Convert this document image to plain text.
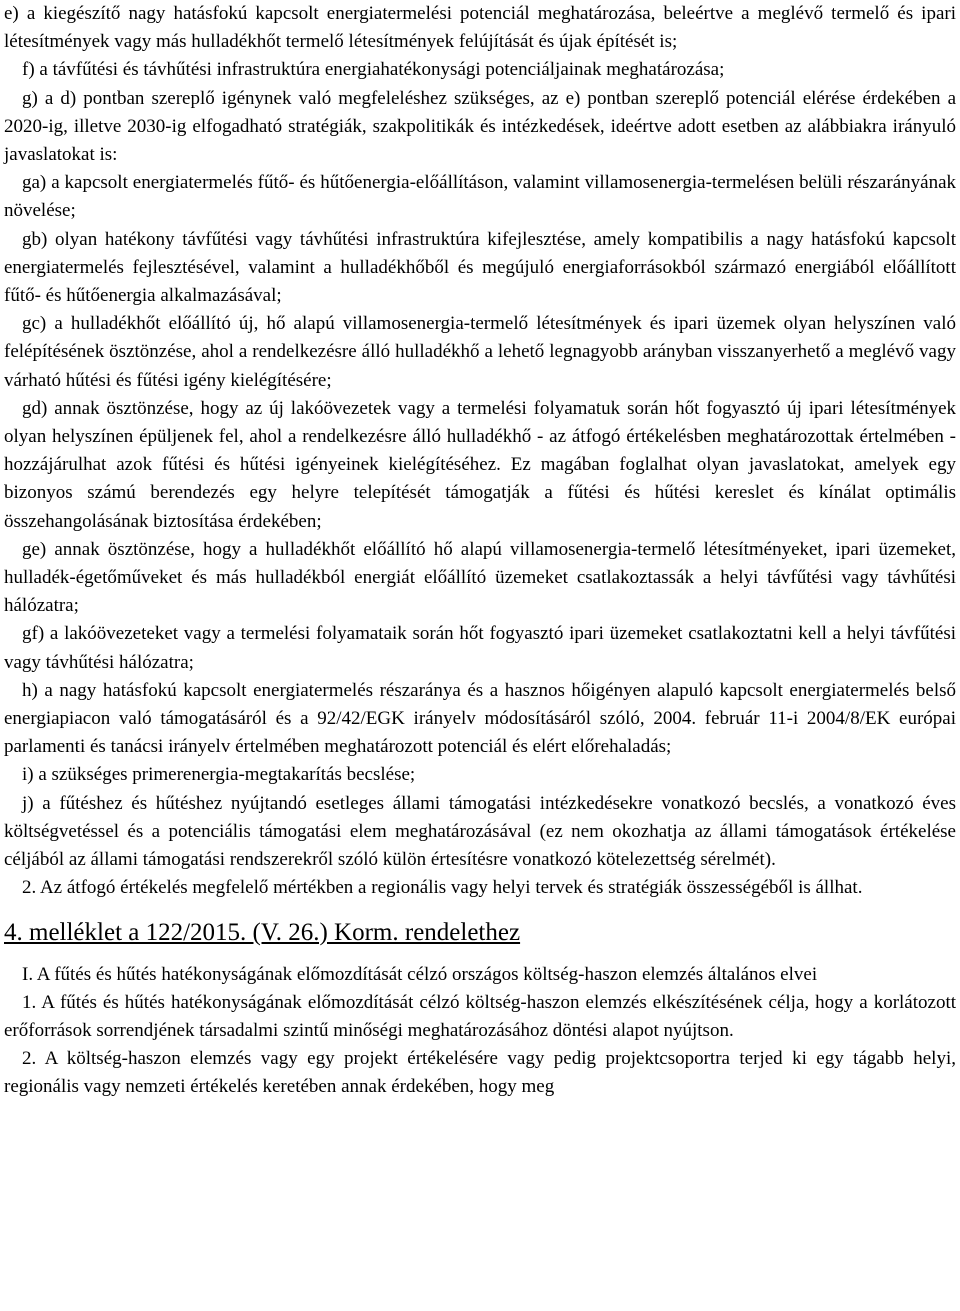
e) a kiegészítő nagy hatásfokú kapcsolt energiatermelési potenciál meghatározása, beleértve a meglévő termelő és ipari létesítmények vagy más hulladékhőt termelő létesítmények felújítását és újak építését is;

f) a távfűtési és távhűtési infrastruktúra energiahatékonysági potenciáljainak meghatározása;

g) a d) pontban szereplő igénynek való megfeleléshez szükséges, az e) pontban szereplő potenciál elérése érdekében a 2020-ig, illetve 2030-ig elfogadható stratégiák, szakpolitikák és intézkedések, ideértve adott esetben az alábbiakra irányuló javaslatokat is:

ga) a kapcsolt energiatermelés fűtő- és hűtőenergia-előállításon, valamint villamosenergia-termelésen belüli részarányának növelése;

gb) olyan hatékony távfűtési vagy távhűtési infrastruktúra kifejlesztése, amely kompatibilis a nagy hatásfokú kapcsolt energiatermelés fejlesztésével, valamint a hulladékhőből és megújuló energiaforrásokból származó energiából előállított fűtő- és hűtőenergia alkalmazásával;

gc) a hulladékhőt előállító új, hő alapú villamosenergia-termelő létesítmények és ipari üzemek olyan helyszínen való felépítésének ösztönzése, ahol a rendelkezésre álló hulladékhő a lehető legnagyobb arányban visszanyerhető a meglévő vagy várható hűtési és fűtési igény kielégítésére;

gd) annak ösztönzése, hogy az új lakóövezetek vagy a termelési folyamatuk során hőt fogyasztó új ipari létesítmények olyan helyszínen épüljenek fel, ahol a rendelkezésre álló hulladékhő - az átfogó értékelésben meghatározottak értelmében - hozzájárulhat azok fűtési és hűtési igényeinek kielégítéséhez. Ez magában foglalhat olyan javaslatokat, amelyek egy bizonyos számú berendezés egy helyre telepítését támogatják a fűtési és hűtési kereslet és kínálat optimális összehangolásának biztosítása érdekében;

ge) annak ösztönzése, hogy a hulladékhőt előállító hő alapú villamosenergia-termelő létesítményeket, ipari üzemeket, hulladék-égetőműveket és más hulladékból energiát előállító üzemeket csatlakoztassák a helyi távfűtési vagy távhűtési hálózatra;

gf) a lakóövezeteket vagy a termelési folyamataik során hőt fogyasztó ipari üzemeket csatlakoztatni kell a helyi távfűtési vagy távhűtési hálózatra;

h) a nagy hatásfokú kapcsolt energiatermelés részaránya és a hasznos hőigényen alapuló kapcsolt energiatermelés belső energiapiacon való támogatásáról és a 92/42/EGK irányelv módosításáról szóló, 2004. február 11-i 2004/8/EK európai parlamenti és tanácsi irányelv értelmében meghatározott potenciál és elért előrehaladás;

i) a szükséges primerenergia-megtakarítás becslése;

j) a fűtéshez és hűtéshez nyújtandó esetleges állami támogatási intézkedésekre vonatkozó becslés, a vonatkozó éves költségvetéssel és a potenciális támogatási elem meghatározásával (ez nem okozhatja az állami támogatások értékelése céljából az állami támogatási rendszerekről szóló külön értesítésre vonatkozó kötelezettség sérelmét).

2. Az átfogó értékelés megfelelő mértékben a regionális vagy helyi tervek és stratégiák összességéből is állhat.

4. melléklet a 122/2015. (V. 26.) Korm. rendelethez

I. A fűtés és hűtés hatékonyságának előmozdítását célzó országos költség-haszon elemzés általános elvei

1. A fűtés és hűtés hatékonyságának előmozdítását célzó költség-haszon elemzés elkészítésének célja, hogy a korlátozott erőforrások sorrendjének társadalmi szintű minőségi meghatározásához döntési alapot nyújtson.

2. A költség-haszon elemzés vagy egy projekt értékelésére vagy pedig projektcsoportra terjed ki egy tágabb helyi, regionális vagy nemzeti értékelés keretében annak érdekében, hogy meg
